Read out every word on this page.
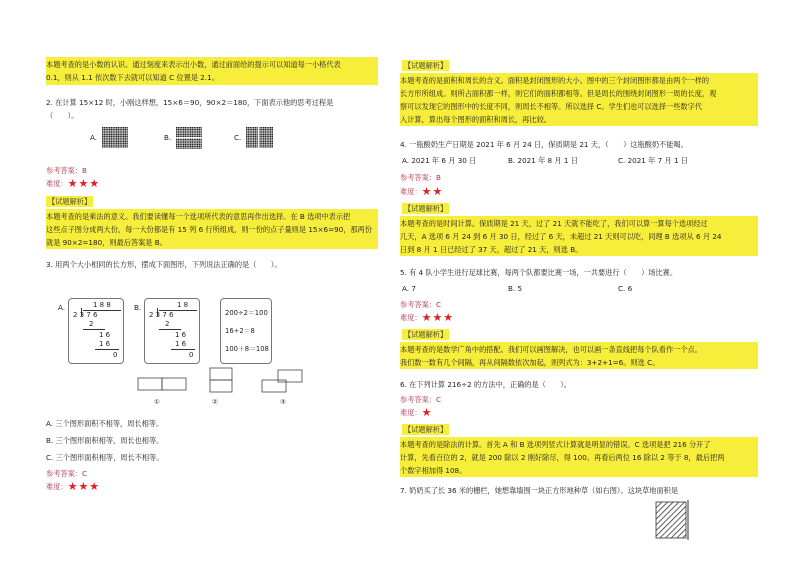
本题考查的是小数的认识。通过刻度来表示出小数，通过前面给的提示可以知道每一小格代表
0.1，则从 1.1 依次数下去就可以知道 C 位置是 2.1。
2. 在计算 15×12 时，小刚这样想，15×6＝90，90×2＝180，下面表示他的思考过程是
（　　）。
A.	B.	C.
参考答案：B
难度：★★★
【试题解析】
本题考查的是乘法的意义。我们要读懂每一个选项所代表的意思再作出选择。在 B 选项中表示把
这些点子图分成两大份，每一大份都是有 15 列 6 行所组成，则一份的点子量则是 15×6=90，那两份
就是 90×2=180，则最后答案是 B。
3. 用两个大小相同的长方形，摆成下面图形，下列说法正确的是（　　）。
A.	B.
1 8 8
2 3 7 6
2
1 6
1 6
0
1 8
2 3 7 6
2
1 6
1 6
0
200÷2＝100
16÷2＝8
100＋8＝108
①	②	③
A. 三个图形面积不相等，周长相等。
B. 三个图形面积相等，周长也相等。
C. 三个图形面积相等，周长不相等。
参考答案：C
难度：★★★
【试题解析】
本题考查的是面积和周长的含义。面积是封闭图形的大小。图中的三个封闭图形都是由两个一样的
长方形所组成。则所占面积都一样，则它们的面积都相等。但是周长的围绕封闭图形一周的长度，观
察可以发现它的图形中的长度不同，则周长不相等。所以选择 C。学生们也可以选择一些数字代
入计算，算出每个图形的面积和周长，再比较。
4. 一瓶酸奶生产日期是 2021 年 6 月 24 日，保质期是 21 天，（　　）这瓶酸奶不能喝。
A. 2021 年 6 月 30 日	B. 2021 年 8 月 1 日	C. 2021 年 7 月 1 日
参考答案：B
难度：★★
【试题解析】
本题考查的是时间计算。保质期是 21 天，过了 21 天就不能吃了，我们可以算一算每个选项经过
几天，A 选项 6 月 24 到 6 月 30 日，经过了 6 天，未超过 21 天则可以吃，同理 B 选项从 6 月 24
日到 8 月 1 日已经过了 37 天，超过了 21 天，则选 B。
5. 有 4 队小学生进行足球比赛，每两个队都要比赛一场，一共要进行（　　）场比赛。
A. 7	B. 5	C. 6
参考答案：C
难度：★★★
【试题解析】
本题考查的是数学广角中的搭配。我们可以画图解决，也可以画一条直线把每个队看作一个点。
我们数一数有几个间隔，再从间隔数依次加起，则列式为：3+2+1=6。则选 C。
6. 在下列计算 216÷2 的方法中，正确的是（　　）。
参考答案：C
难度：★
【试题解析】
本题考查的是除法的计算。首先 A 和 B 选项列竖式计算就是明显的错误。C 选项是把 216 分开了
计算，先看百位的 2，就是 200 除以 2 刚好除尽，得 100。再看后两位 16 除以 2 等于 8，最后把两
个数字相加得 108。
7. 奶奶买了长 36 米的栅栏，她想靠墙围一块正方形地种草（如右图）。这块草地面积是
